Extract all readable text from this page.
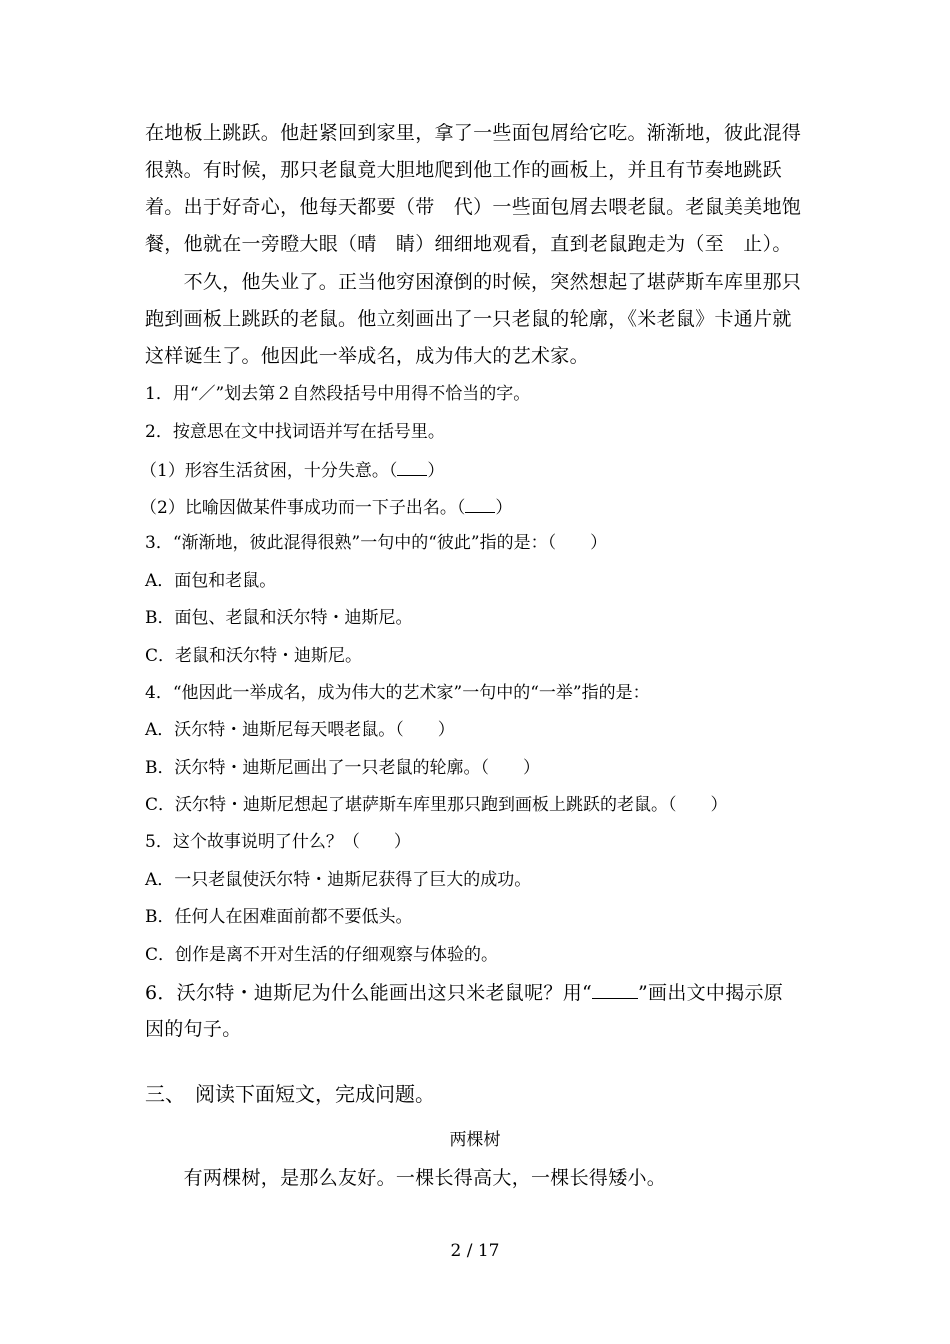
在地板上跳跃。他赶紧回到家里，拿了一些面包屑给它吃。渐渐地，彼此混得
很熟。有时候，那只老鼠竟大胆地爬到他工作的画板上，并且有节奏地跳跃
着。出于好奇心，他每天都要（带　代）一些面包屑去喂老鼠。老鼠美美地饱
餐，他就在一旁瞪大眼（晴　睛）细细地观看，直到老鼠跑走为（至　止）。
　　不久，他失业了。正当他穷困潦倒的时候，突然想起了堪萨斯车库里那只
跑到画板上跳跃的老鼠。他立刻画出了一只老鼠的轮廓，《米老鼠》卡通片就
这样诞生了。他因此一举成名，成为伟大的艺术家。
1．用“／”划去第２自然段括号中用得不恰当的字。
2．按意思在文中找词语并写在括号里。
（1）形容生活贫困，十分失意。（ ）
（2）比喻因做某件事成功而一下子出名。（ ）
3．“渐渐地，彼此混得很熟”一句中的“彼此”指的是：（　　）
A．面包和老鼠。
B．面包、老鼠和沃尔特・迪斯尼。
C．老鼠和沃尔特・迪斯尼。
4．“他因此一举成名，成为伟大的艺术家”一句中的“一举”指的是：
A．沃尔特・迪斯尼每天喂老鼠。（　　）
B．沃尔特・迪斯尼画出了一只老鼠的轮廓。（　　）
C．沃尔特・迪斯尼想起了堪萨斯车库里那只跑到画板上跳跃的老鼠。（　　）
5．这个故事说明了什么？（　　）
A．一只老鼠使沃尔特・迪斯尼获得了巨大的成功。
B．任何人在困难面前都不要低头。
C．创作是离不开对生活的仔细观察与体验的。
6．沃尔特・迪斯尼为什么能画出这只米老鼠呢？用“ ”画出文中揭示原
因的句子。
三、　阅读下面短文，完成问题。
两棵树
　　有两棵树，是那么友好。一棵长得高大，一棵长得矮小。
2 / 17
